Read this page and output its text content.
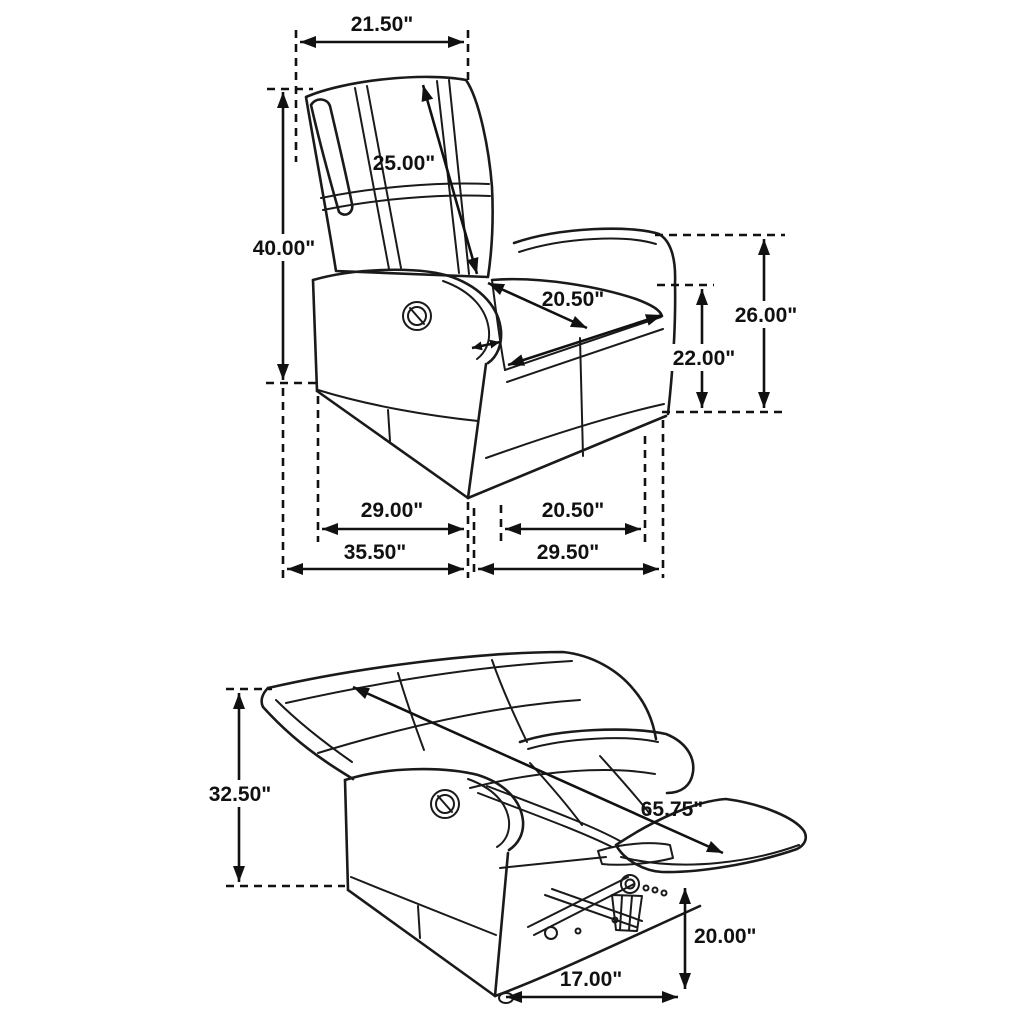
21.50"
40.00"
25.00"
20.50"
22.00"
26.00"
29.00"	20.50"
35.50"	29.50"
32.50"
65.75"
20.00"
17.00"
